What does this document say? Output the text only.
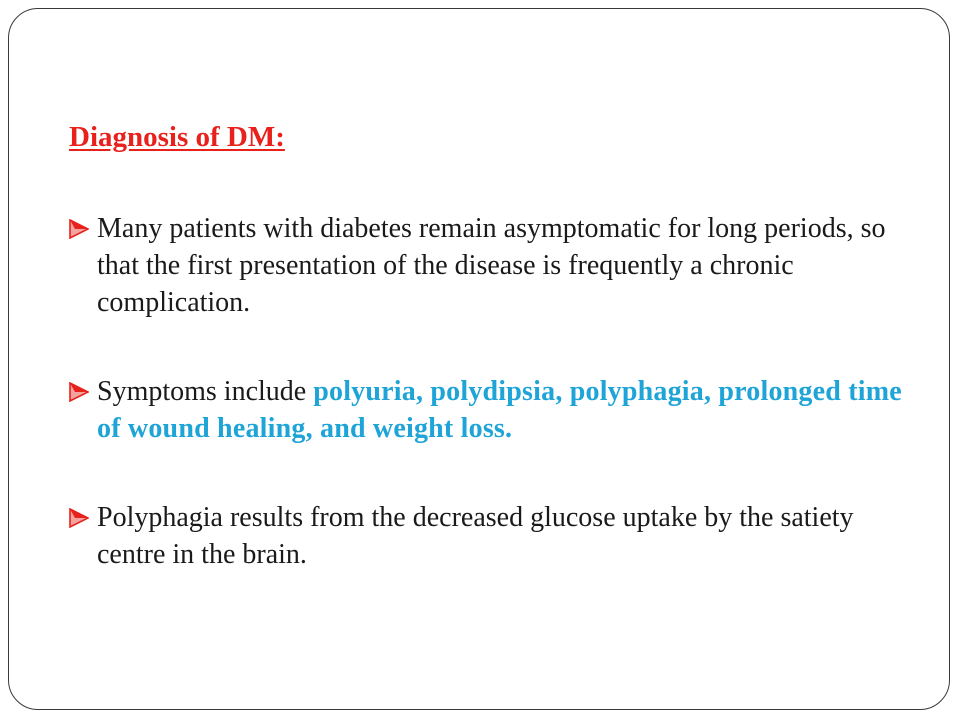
Diagnosis of DM:
Many patients with diabetes remain asymptomatic for long periods, so that the first presentation of the disease is frequently a chronic complication.
Symptoms include polyuria, polydipsia, polyphagia, prolonged time of wound healing, and weight loss.
Polyphagia results from the decreased glucose uptake by the satiety centre in the brain.
